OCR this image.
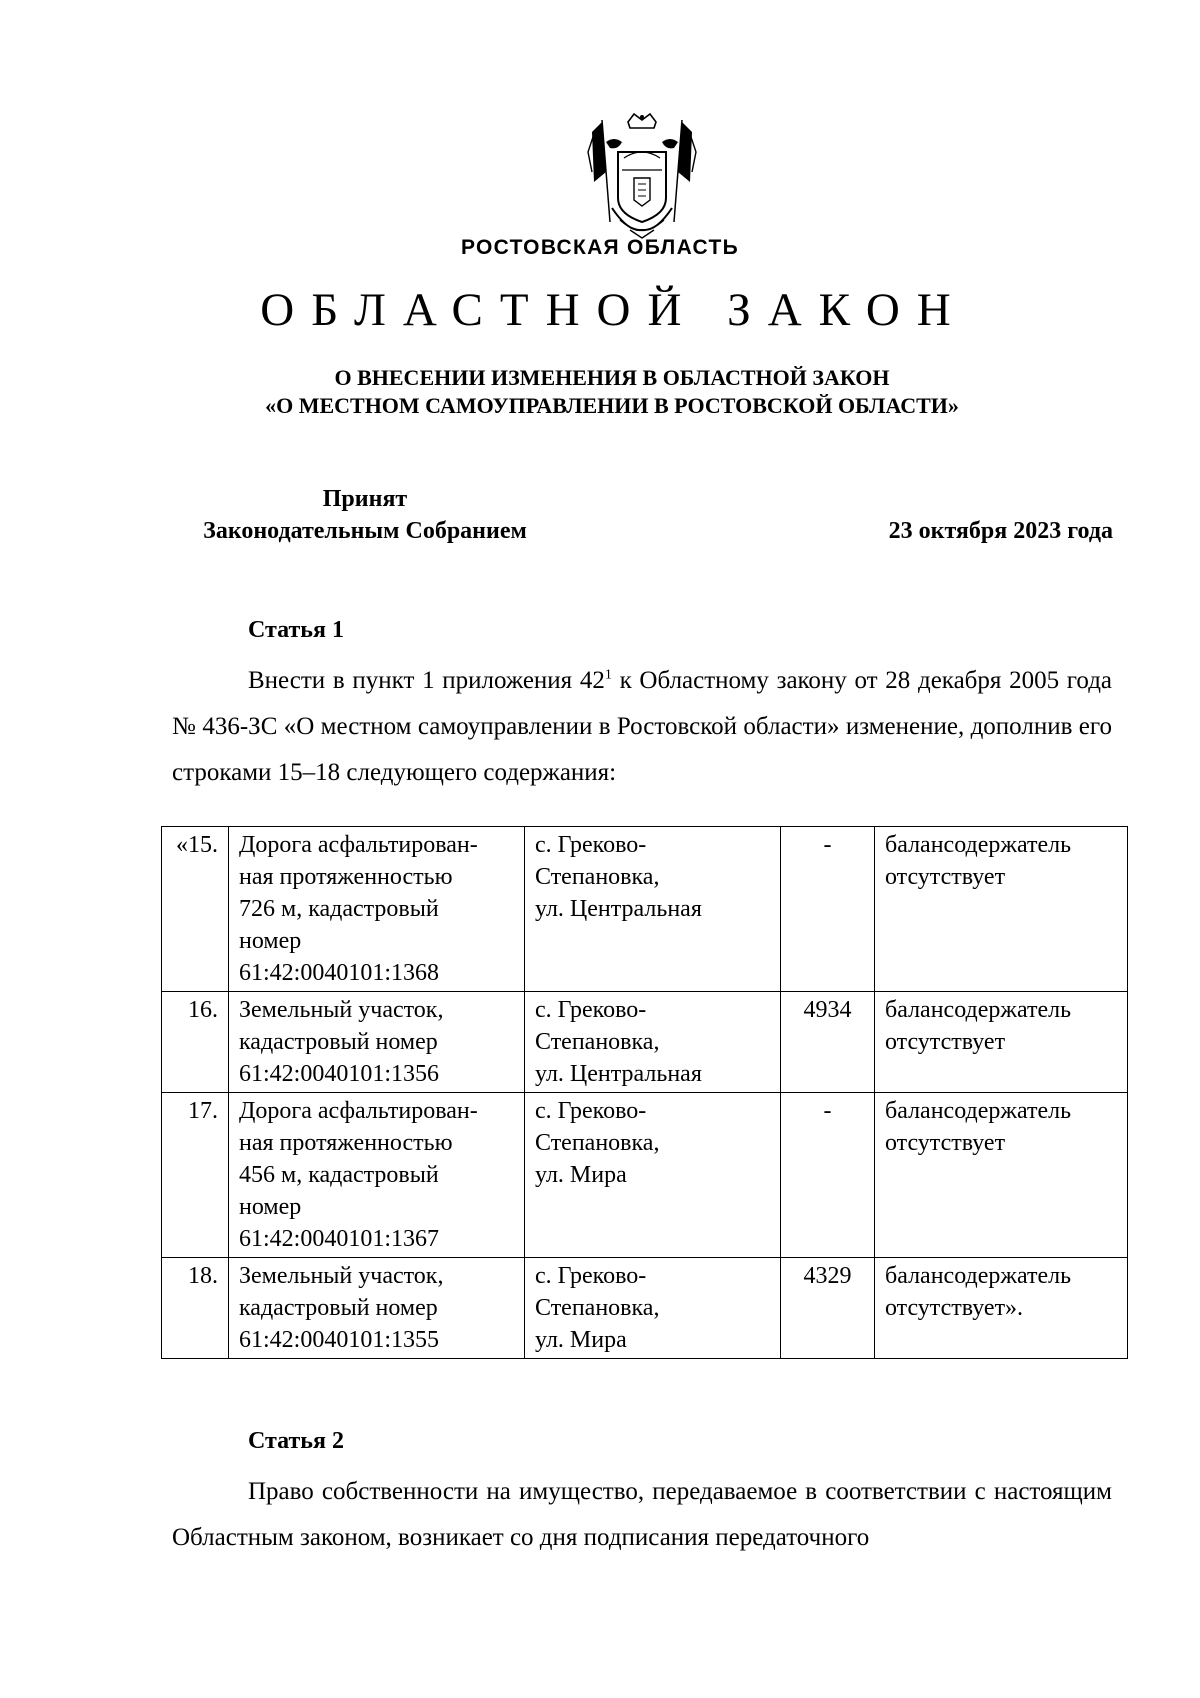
РОСТОВСКАЯ ОБЛАСТЬ
ОБЛАСТНОЙ ЗАКОН
О ВНЕСЕНИИ ИЗМЕНЕНИЯ В ОБЛАСТНОЙ ЗАКОН
«О МЕСТНОМ САМОУПРАВЛЕНИИ В РОСТОВСКОЙ ОБЛАСТИ»
Принят
Законодательным Собранием	23 октября 2023 года
Статья 1

Внести в пункт 1 приложения $42^1$ к Областному закону от 28 декабря 2005 года № 436-ЗС «О местном самоуправлении в Ростовской области» изменение, дополнив его строками 15–18 следующего содержания:

«15.	Дорога асфальтирован-
ная протяженностью
726 м, кадастровый
номер
61:42:0040101:1368	с. Греково-
Степановка,
ул. Центральная	-	балансодержатель
отсутствует

16.	Земельный участок,
кадастровый номер
61:42:0040101:1356	с. Греково-
Степановка,
ул. Центральная	4934	балансодержатель
отсутствует

17.	Дорога асфальтирован-
ная протяженностью
456 м, кадастровый
номер
61:42:0040101:1367	с. Греково-
Степановка,
ул. Мира	-	балансодержатель
отсутствует

18.	Земельный участок,
кадастровый номер
61:42:0040101:1355	с. Греково-
Степановка,
ул. Мира	4329	балансодержатель
отсутствует».
Статья 2

Право собственности на имущество, передаваемое в соответствии с настоящим Областным законом, возникает со дня подписания передаточного
